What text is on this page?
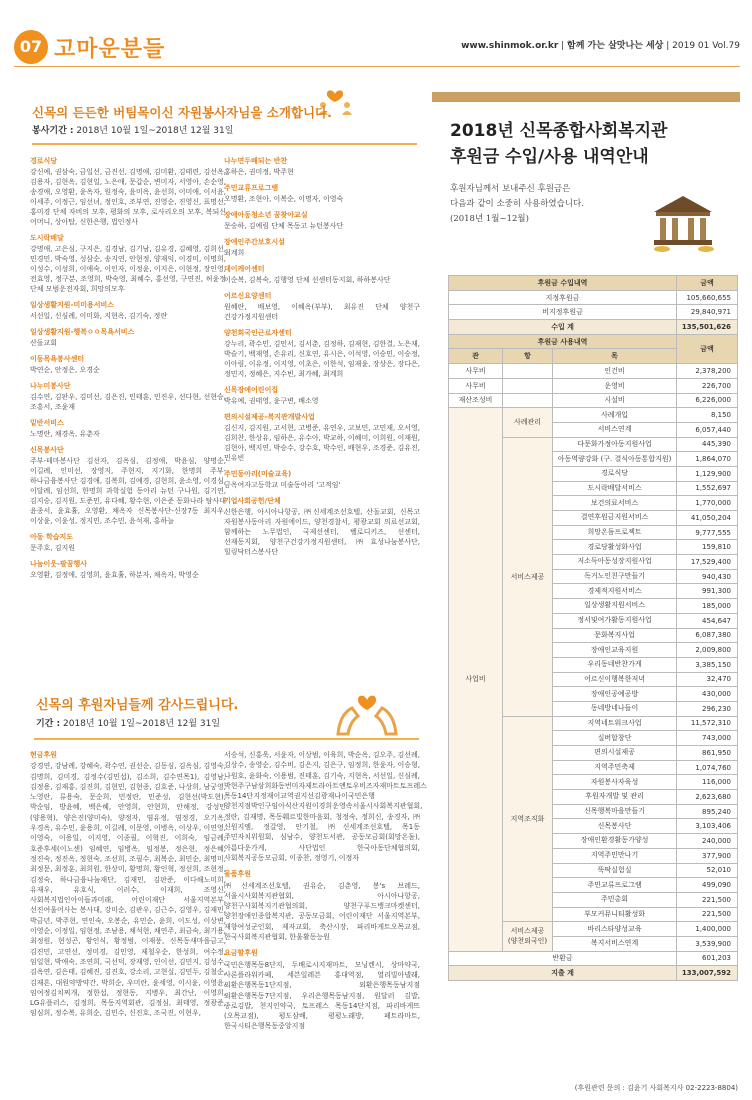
07 고마운분들	www.shinmok.or.kr | 함께 가는 살맛나는 세상 | 2019 01 Vol.79
신목의 든든한 버팀목이신 자원봉사자님을 소개합니다.
봉사기간 : 2018년 10월 1일~2018년 12월 31일
경로식당
강신예, 권삼숙, 금일선, 금진선, 김명애, 김미환, 김태련, 김선옥, 김용자, 김현옥, 김현일, 노은애, 문갑순, 변미자, 서영아, 손순영, 송경애, 오영환, 윤옥자, 원정숙, 윤미옥, 윤선희, 이미애, 이서윤, 이세주, 이정근, 임선녀, 정인호, 조부연, 진영순, 진영신, 표명선, 홍미경 단체 자비의 모후, 평화의 모후, 로사리오의 모후, 복되신 어머니, 상아탑, 신한은행, 법인정사
도시락배달
강명애, 고은심, 구지은, 김경남, 김기남, 김유경, 김혜영, 김희선, 민경민, 박숙영, 성삼순, 송지연, 안현정, 양재익, 이경미, 이명희, 이성수, 이성희, 이애숙, 이인자, 이정윤, 이지은, 이현정, 장인영, 전효영, 정구분, 조영희, 박숙영, 최혜수, 홍선영, 구연진, 허윤정 단체 모범운전자회, 희망의모후
일상생활지원-미미용서비스
서선일, 신심례, 이미화, 지현옥, 김기숙, 정란
일상생활지원-행복ㅇㅇ목욕서비스
산돌교회
이동목욕봉사센터
박연순, 안정은, 오경순
나누미봉사단
김수연, 김판우, 김미선, 김은진, 민태훈, 민진우, 선다현, 선현승, 조흥서, 조윤재
밑반서비스
노명란, 채경옥, 유춘자
신목봉사단
주부-테마봉사단 김선자, 김옥심, 김정애, 박윤심, 양명순, 이길례, 인미선, 장영지, 주현지, 지기화, 한명희 주부-하나금융봉사단 김경애, 김복희, 김예경, 김현희, 윤소영, 이경심, 이달례, 임선희, 한명희 과학실험 동아리 뉴턴 구나원, 김기연, 김지승, 김지원, 도준민, 유다혜, 황수현, 이은준 동화나라 탐사대 윤종서, 윤효휼, 오영환, 채옥자 신목봉사단-신장7동 최지우, 이상윤, 이윤성, 정지민, 조수민, 윤석재, 홍하늘
아동 학습지도
문주호, 김지원
나눔이웃-팔꿈행사
오영환, 김정애, 김영희, 윤효휼, 하분자, 채옥자, 박영순
나누면두배되는 반찬
홍하은, 권미정, 박주현
주민교류프로그램
오명환, 조현아, 이복순, 이명자, 이영숙
장애아동청소년 꿈찾아교실
문승하, 김예림 단체 목동고 뉴턴봉사단
장애인주간보호시설
최계희
데이케어센터
이순복, 김복숙, 김행영 단체 선센터동지회, 하하봉사단
어르신요양센터
원혜란, 배보영, 이혜옥(부부), 최유진 단체 양천구 건강가정지원센터
양천희국인근로자센터
강누리, 곽수민, 김민서, 김서춘, 김정하, 김재현, 김한결, 노은재, 박슬기, 백재영, 손유리, 신호연, 유시은, 이석영, 이승민, 이승정, 이아림, 이유정, 이지영, 이초은, 이한석, 임재윤, 장상은, 장다은, 정민지, 정혜은, 지수빈, 최가혜, 최계희
신목장애어린이집
박유예, 권태영, 윤구변, 배소영
편의시설제공-복지관개발사업
김신지, 김지원, 고서현, 고병준, 유연우, 고보민, 고민재, 오서영, 김희찬, 한상유, 임하은, 유수아, 박교하, 이혜미, 이희원, 이재원, 김현아, 백지연, 박승수, 강수호, 박수인, 배현우, 조경준, 김유진, 민유빈
주민동아리(미술교육)
금옥여자고등학교 미술동아리 '고적임'
기업사회공헌/단체
신한은행, 아시아나항공, ㈜신세계조선호텔, 산돌교회, 신목고 자원봉사동아리 자원에이드, 양천경찰서, 평광교회 의료선교회, 함께하는 노무법인, 국제선센터, 벨로디키즈, 선센터, 선재동지회, 양천구건강가정지원센터, ㈜효성나눔봉사단, 힐링닥터스봉사단
신목의 후원자님들께 감사드립니다.
기간 : 2018년 10월 1일~2018년 12월 31일
현금후원
강경연, 강남례, 강혜숙, 곽수연, 권선순, 김동심, 김옥심, 김영숙, 김명희, 김미경, 김정수(김민섭), 김소희, 김수연목1), 김영남, 김정용, 김재홍, 김진희, 김현민, 김현종, 김호준, 나상희, 남궁영, 노영란, 류용숙, 문순희, 민정란, 민준성, 김현선(박도현), 박순임, 방윤혜, 백은혜, 안영희, 안현희, 안해정, 강성민(양용혁), 양은진(양미숙), 양정자, 염유정, 염정경, 오기옥, 우경옥, 유수민, 윤용희, 이길례, 이문영, 이병옥, 이상우, 이연영, 이영숙, 이용일, 이지영, 이종필, 이혁진, 이희숙, 임금례, 호준후세(이노센) 임혜연, 임병옥, 임정봉, 정은현, 정은혜, 정진숙, 정진옥, 정현숙, 조선희, 조필수, 최복순, 최민순, 최명미, 최정문, 최정훈, 최희원, 한상미, 황명희, 황인혁, 정선희, 조현정, 김정숙, 하나금융나눔재단, 김재민, 김판준, 이다해노미희, 유재우, 유호식, 이러수, 이재희, 조영신, 사회복지법인아이들과미래, 어린이재단 서울지역본부, 선진여울어사는 봉사대, 강미순, 김관우, 김근수, 김영우, 김재민, 박금년, 박주현, 연인숙, 오봉순, 유민순, 윤희, 이도성, 이상변, 이영순, 이정일, 임현정, 조남용, 채석현, 채연주, 최금숙, 최기용, 최정원, 현성곤, 황인식, 황정범, 이재풍, 신목동새마을금고, 김진민, 고연선, 정미경, 김민영, 제철우순, 한성희, 여수정, 임일현, 박애숙, 조연희, 국선덕, 장재영, 인이선, 김민지, 김성수, 김옥연, 김은태, 김혜진, 김진호, 강소리, 고현실, 김민두, 김철순, 김재흔, 대원약방약간, 박희순, 우미란, 윤세영, 이시윤, 이영윤, 임여정김치찌개, 정한섭, 정현동, 지병우, 최간난, 이영희, LG유플러스, 김정희, 목동지역회관, 김정심, 최태영, 정광준, 임심희, 정수복, 유희순, 김민수, 신진호, 조국진, 이현우,
서승석, 신홍욱, 서윤자, 이상범, 이육희, 박순옥, 김오주, 김선례, 김상수, 송영순, 김수비, 김은지, 김은구, 임정희, 한윤자, 이승형, 나원호, 윤화숙, 이용범, 진태훈, 김기숙, 지현옥, 서선일, 신심례, 박현주구남삼희화동번미자제트라아트앤토우비즈자재마트토프레스 목동14단지정재이교역권지선김광재나이국민은행 양천지점박인구임아식산지원이경희운영속서울시사회복지관협회, 정란, 김재명, 목동훼르빛한마음회, 청정숙, 정희신, 송경자, ㈜신원지엠, 정갈영, 안기철, ㈜신세계조선호텔, 목1동 주민자치위원회, 심남수, 양천도서관, 공동모금회(회망온돔), 아름다운가게, 사단법인 한국아동단체협의회, 사회복지공동모금회, 이종찬, 정영기, 이정자
물품후원
㈜신세계조선호텔, 권유순, 김춘영, 봉's 브레드, 서울시사회복지관협회, 아시아나항공, 양천구사회복지기관협의회, 양천구푸드뱅크마켓센터, 양천장애인종합복지관, 공동모금회, 어린이재단 서울지역본부, 재향여성군인회, 제자교회, 축산시장, 파리바게트오목교점, 한국사회복지관협회, 한울활동능원
요금할후원
국민은행목동8단지, 두배로시지재마트, 모닝렌시, 상마약국, 사론플라워카페, 세븐일레븐 홍대역점, 열리빌아넬래, 외환은행목동1단지점, 외환은행목동남지점 외환은행목동7단지점, 우리은행목동남지점, 원달러 김밥, 종로김밥, 천지인약국, 토프레스 목동14단지점, 파리바게뜨(오목교점), 평도삼배, 평평노래방, 페트라마트, 한국시티은행목동중앙지점
2018년 신목종합사회복지관
후원금 수입/사용 내역안내
후원자님께서 보내주신 후원금은
다음과 같이 소중히 사용하였습니다.
(2018년 1월~12월)
후원금 수입내역			금액
지정후원금			105,660,655
비지정후원금			29,840,971
수입 계			135,501,626
후원금 사용내역			금액
관	항	목	
사무비		인건비	2,378,200
사무비		운영비	226,700
재산조성비		시설비	6,226,000
사업비	사례관리	사례개입	8,150
		서비스연계	6,057,440
	서비스제공	다문화가정아동지원사업	445,390
		아동역량강화 (구. 결식아동통합지원)	1,864,070
		경로식당	1,129,900
		도시락배달서비스	1,552,697
		보건의료서비스	1,770,000
		결연후원금지원서비스	41,050,204
		희망온돔프로젝트	9,777,555
		경로당활성화사업	159,810
		저소득아동성장지원사업	17,529,400
		독거노인친구만들기	940,430
		경제적지원서비스	991,300
		일상생활지원서비스	185,000
		정서및여가활동지원사업	454,647
		문화복지사업	6,087,380
		장애인교육지원	2,009,800
		우리동네반찬가게	3,385,150
		어르신이행복한저녁	32,470
		장애인공예공방	430,000
		동네방네나들이	296,230
	지역조직화	지역네트워크사업	11,572,310
		실버합창단	743,000
		편의시설제공	861,950
		지역주민축제	1,074,760
		자원봉사자육성	116,000
		후원자개발 및 관리	2,623,680
		신목행복마을만들기	895,240
		신목봉사단	3,103,406
		장애인환경활동가양성	240,000
		지역주민만나기	377,900
		뚝딱실험실	52,010
		주민교류프로그램	499,090
		주민총회	221,500
		부모커뮤니티활성화	221,500
	서비스제공 (양천외국인)	바리스타양성교육	1,400,000
		복지서비스연계	3,539,900
반환금			601,203
지출 계			133,007,592
(후원관련 문의 : 김윤기 사회복지사 02-2223-8804)
